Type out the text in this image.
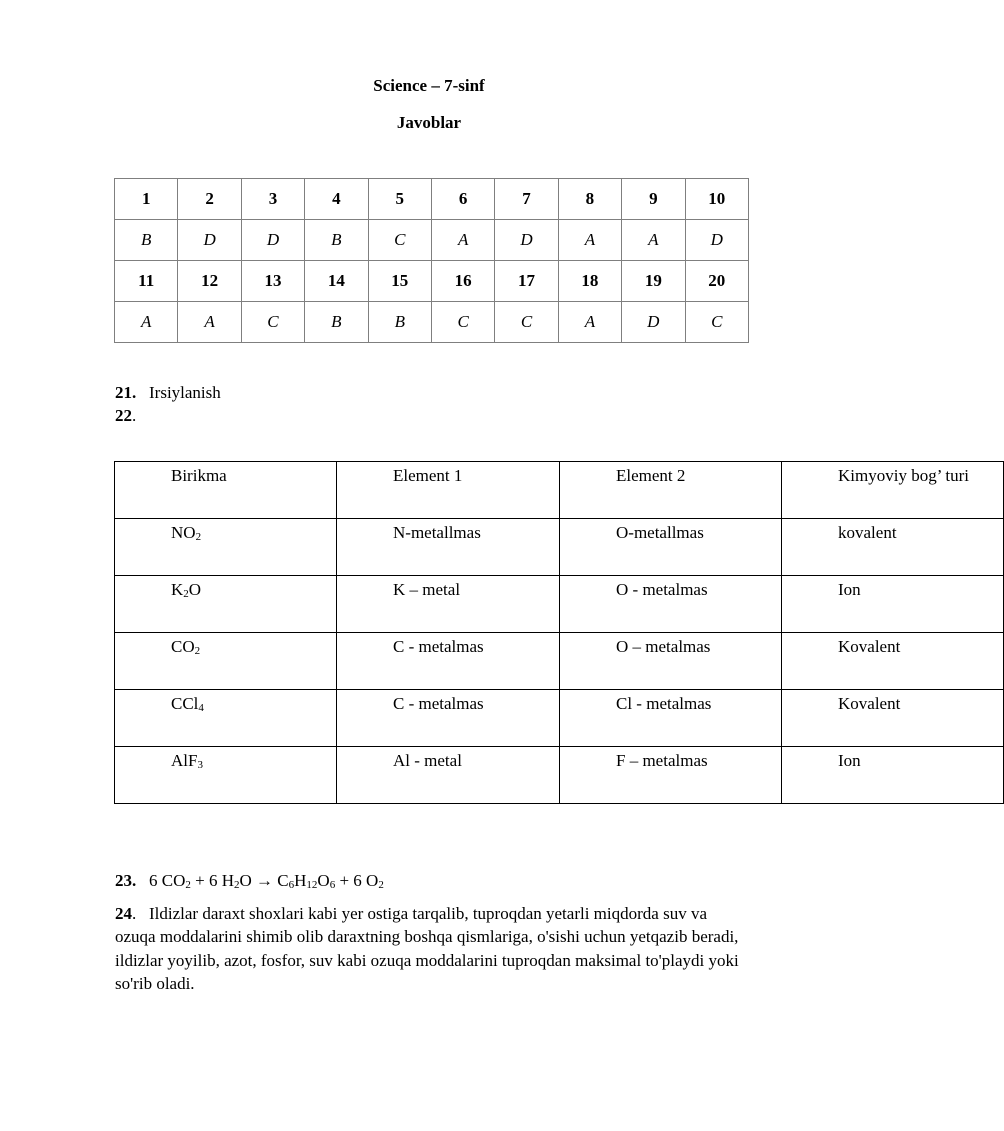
Science – 7-sinf
Javoblar
1	2	3	4	5	6	7	8	9	10
B	D	D	B	C	A	D	A	A	D
11	12	13	14	15	16	17	18	19	20
A	A	C	B	B	C	C	A	D	C
21. Irsiylanish
22.
Birikma	Element 1	Element 2	Kimyoviy bog’ turi
$NO_2$	N-metallmas	O-metallmas	kovalent
$K_2O$	K – metal	O - metalmas	Ion
$CO_2$	C - metalmas	O – metalmas	Kovalent
CCl$_4$	C - metalmas	Cl - metalmas	Kovalent
AlF$_3$	Al - metal	F – metalmas	Ion
23. 6 $CO_2 + 6$ $H_2O \to C_6H_{12}O_6 + 6$ $O_2$
24. Ildizlar daraxt shoxlari kabi yer ostiga tarqalib, tuproqdan yetarli miqdorda suv va ozuqa moddalarini shimib olib daraxtning boshqa qismlariga, o'sishi uchun yetqazib beradi, ildizlar yoyilib, azot, fosfor, suv kabi ozuqa moddalarini tuproqdan maksimal to'playdi yoki so'rib oladi.
